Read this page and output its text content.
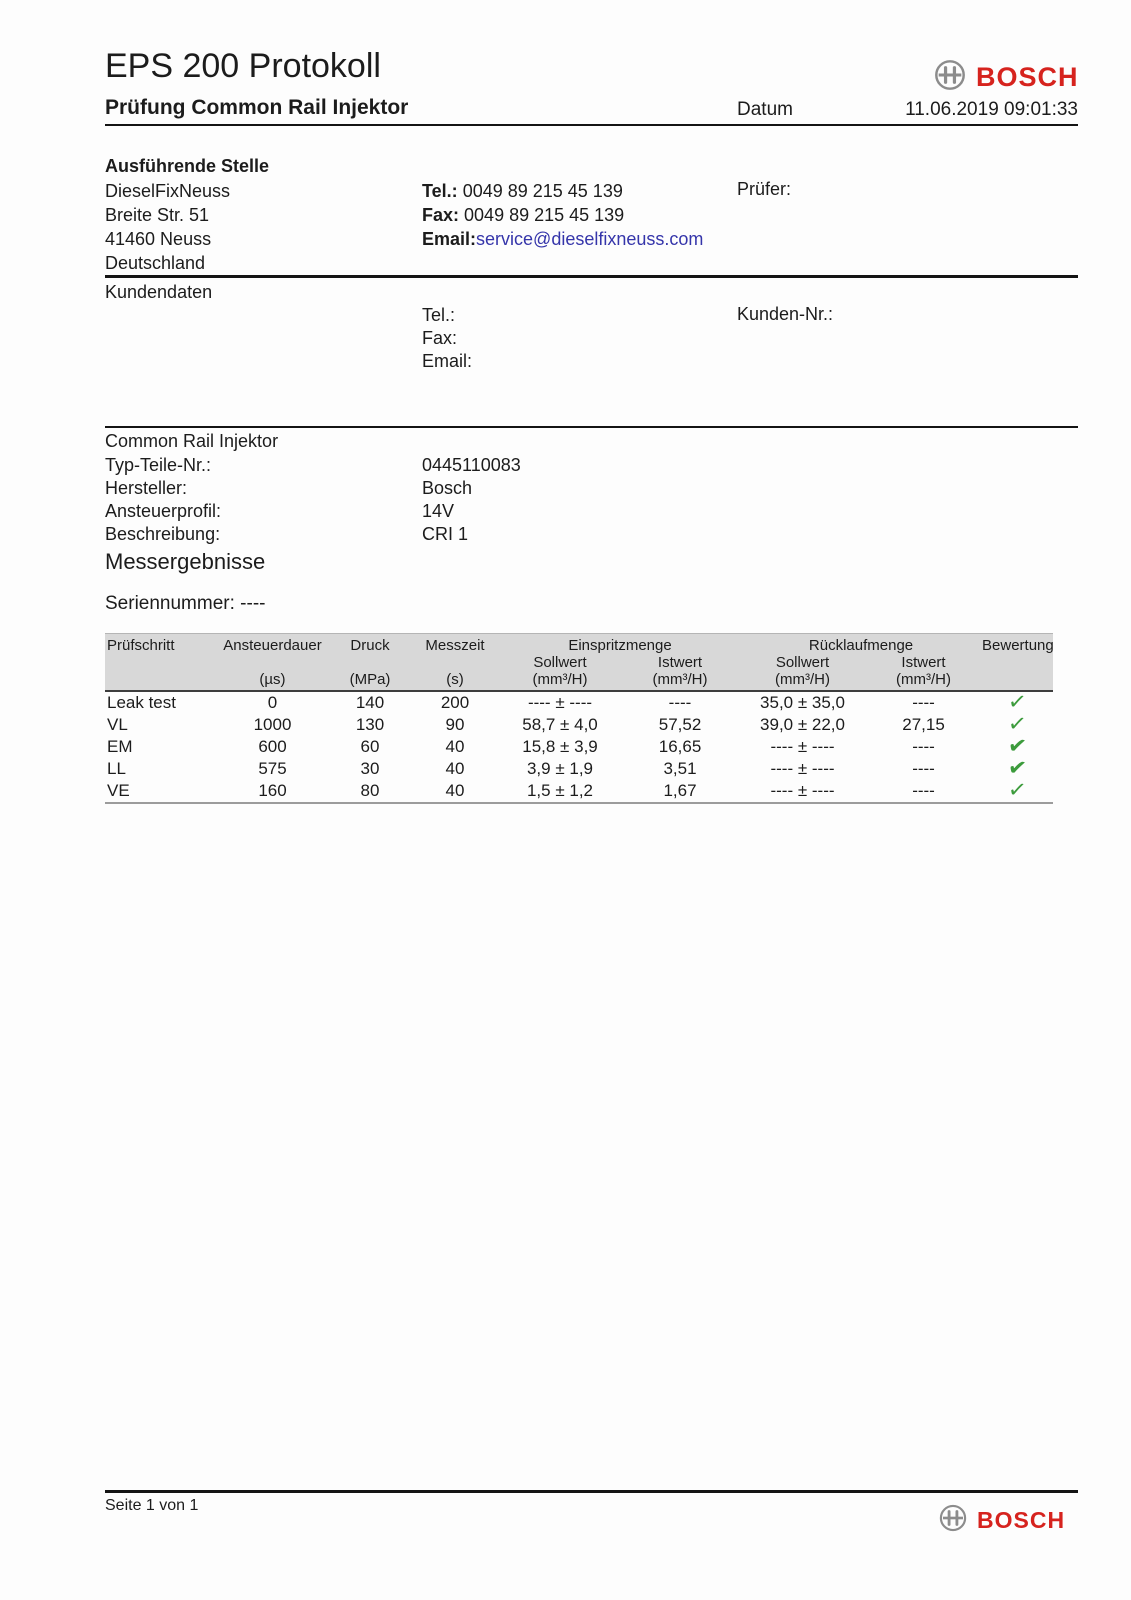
EPS 200 Protokoll	BOSCH
Prüfung Common Rail Injektor	Datum	11.06.2019 09:01:33
Ausführende Stelle
DieselFixNeuss
Breite Str. 51
41460 Neuss
Deutschland
Tel.: 0049 89 215 45 139
Fax: 0049 89 215 45 139
Email:service@dieselfixneuss.com
Prüfer:
Kundendaten
Tel.:
Fax:
Email:
Kunden-Nr.:
Common Rail Injektor
Typ-Teile-Nr.:	0445110083
Hersteller:	Bosch
Ansteuerprofil:	14V
Beschreibung:	CRI 1
Messergebnisse
Seriennummer: ----
Prüfschritt	Ansteuerdauer	Druck	Messzeit	Einspritzmenge		Rücklaufmenge		Bewertung
				Sollwert	Istwert	Sollwert	Istwert	
	(µs)	(MPa)	(s)	(mm³/H)	(mm³/H)	(mm³/H)	(mm³/H)	
Leak test	0	140	200	---- ± ----	----	35,0 ± 35,0	----	✓
VL	1000	130	90	58,7 ± 4,0	57,52	39,0 ± 22,0	27,15	✓
EM	600	60	40	15,8 ± 3,9	16,65	---- ± ----	----	✔
LL	575	30	40	3,9 ± 1,9	3,51	---- ± ----	----	✔
VE	160	80	40	1,5 ± 1,2	1,67	---- ± ----	----	✓
Seite 1 von 1
BOSCH
